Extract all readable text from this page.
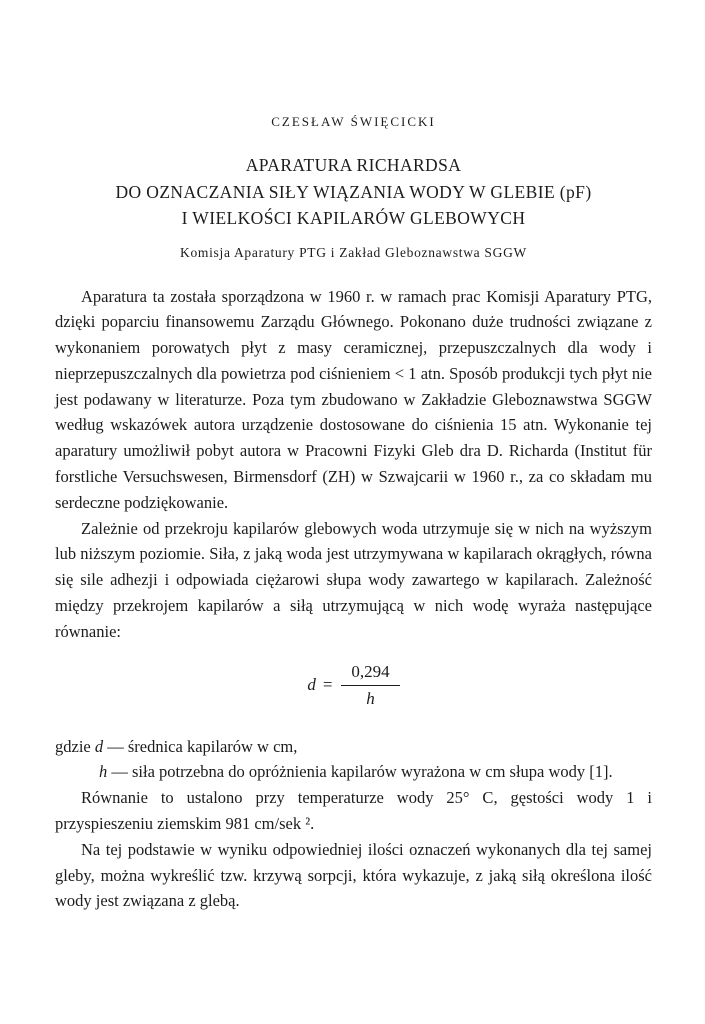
CZESŁAW ŚWIĘCICKI
APARATURA RICHARDSA
DO OZNACZANIA SIŁY WIĄZANIA WODY W GLEBIE (pF)
I WIELKOŚCI KAPILARÓW GLEBOWYCH
Komisja Aparatury PTG i Zakład Gleboznawstwa SGGW

Aparatura ta została sporządzona w 1960 r. w ramach prac Komisji Aparatury PTG, dzięki poparciu finansowemu Zarządu Głównego. Pokonano duże trudności związane z wykonaniem porowatych płyt z masy ceramicznej, przepuszczalnych dla wody i nieprzepuszczalnych dla powietrza pod ciśnieniem < 1 atn. Sposób produkcji tych płyt nie jest podawany w literaturze. Poza tym zbudowano w Zakładzie Gleboznawstwa SGGW według wskazówek autora urządzenie dostosowane do ciśnienia 15 atn. Wykonanie tej aparatury umożliwił pobyt autora w Pracowni Fizyki Gleb dra D. Richarda (Institut für forstliche Versuchswesen, Birmensdorf (ZH) w Szwajcarii w 1960 r., za co składam mu serdeczne podziękowanie.

Zależnie od przekroju kapilarów glebowych woda utrzymuje się w nich na wyższym lub niższym poziomie. Siła, z jaką woda jest utrzymywana w kapilarach okrągłych, równa się sile adhezji i odpowiada ciężarowi słupa wody zawartego w kapilarach. Zależność między przekrojem kapilarów a siłą utrzymującą w nich wodę wyraża następujące równanie:

$d = \frac{0,294}{h}$

gdzie d — średnica kapilarów w cm,

h — siła potrzebna do opróżnienia kapilarów wyrażona w cm słupa wody [1].

Równanie to ustalono przy temperaturze wody 25° C, gęstości wody 1 i przyspieszeniu ziemskim 981 cm/sek ².

Na tej podstawie w wyniku odpowiedniej ilości oznaczeń wykonanych dla tej samej gleby, można wykreślić tzw. krzywą sorpcji, która wykazuje, z jaką siłą określona ilość wody jest związana z glebą.
